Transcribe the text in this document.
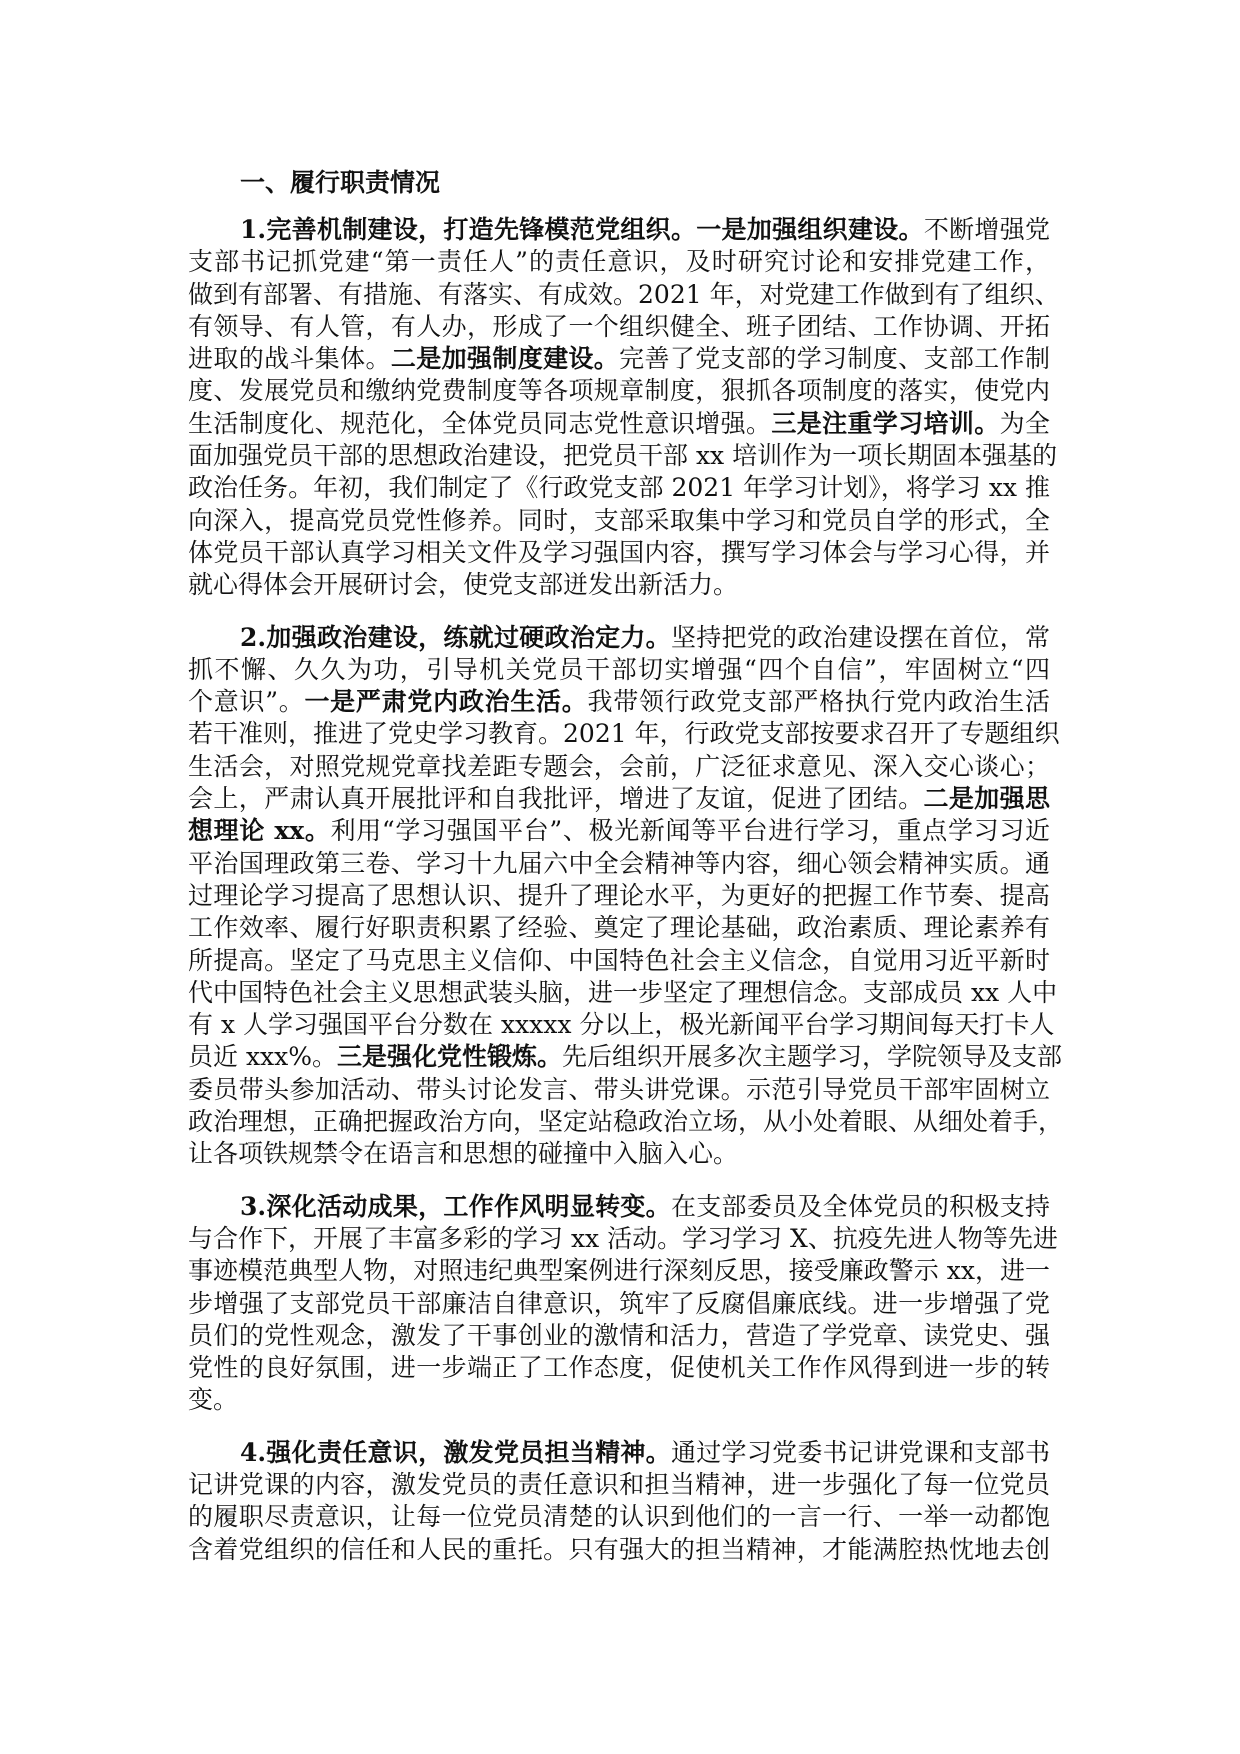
一、履行职责情况
1.完善机制建设，打造先锋模范党组织。一是加强组织建设。不断增强党
支部书记抓党建“第一责任人”的责任意识，及时研究讨论和安排党建工作，
做到有部署、有措施、有落实、有成效。2021 年，对党建工作做到有了组织、
有领导、有人管，有人办，形成了一个组织健全、班子团结、工作协调、开拓
进取的战斗集体。二是加强制度建设。完善了党支部的学习制度、支部工作制
度、发展党员和缴纳党费制度等各项规章制度，狠抓各项制度的落实，使党内
生活制度化、规范化，全体党员同志党性意识增强。三是注重学习培训。为全
面加强党员干部的思想政治建设，把党员干部 xx 培训作为一项长期固本强基的
政治任务。年初，我们制定了《行政党支部 2021 年学习计划》，将学习 xx 推
向深入，提高党员党性修养。同时，支部采取集中学习和党员自学的形式，全
体党员干部认真学习相关文件及学习强国内容，撰写学习体会与学习心得，并
就心得体会开展研讨会，使党支部迸发出新活力。
2.加强政治建设，练就过硬政治定力。坚持把党的政治建设摆在首位，常
抓不懈、久久为功，引导机关党员干部切实增强“四个自信”，牢固树立“四
个意识”。一是严肃党内政治生活。我带领行政党支部严格执行党内政治生活
若干准则，推进了党史学习教育。2021 年，行政党支部按要求召开了专题组织
生活会，对照党规党章找差距专题会，会前，广泛征求意见、深入交心谈心；
会上，严肃认真开展批评和自我批评，增进了友谊，促进了团结。二是加强思
想理论 xx。利用“学习强国平台”、极光新闻等平台进行学习，重点学习习近
平治国理政第三卷、学习十九届六中全会精神等内容，细心领会精神实质。通
过理论学习提高了思想认识、提升了理论水平，为更好的把握工作节奏、提高
工作效率、履行好职责积累了经验、奠定了理论基础，政治素质、理论素养有
所提高。坚定了马克思主义信仰、中国特色社会主义信念，自觉用习近平新时
代中国特色社会主义思想武装头脑，进一步坚定了理想信念。支部成员 xx 人中
有 x 人学习强国平台分数在 xxxxx 分以上，极光新闻平台学习期间每天打卡人
员近 xxx%。三是强化党性锻炼。先后组织开展多次主题学习，学院领导及支部
委员带头参加活动、带头讨论发言、带头讲党课。示范引导党员干部牢固树立
政治理想，正确把握政治方向，坚定站稳政治立场，从小处着眼、从细处着手，
让各项铁规禁令在语言和思想的碰撞中入脑入心。
3.深化活动成果，工作作风明显转变。在支部委员及全体党员的积极支持
与合作下，开展了丰富多彩的学习 xx 活动。学习学习 X、抗疫先进人物等先进
事迹模范典型人物，对照违纪典型案例进行深刻反思，接受廉政警示 xx，进一
步增强了支部党员干部廉洁自律意识，筑牢了反腐倡廉底线。进一步增强了党
员们的党性观念，激发了干事创业的激情和活力，营造了学党章、读党史、强
党性的良好氛围，进一步端正了工作态度，促使机关工作作风得到进一步的转
变。
4.强化责任意识，激发党员担当精神。通过学习党委书记讲党课和支部书
记讲党课的内容，激发党员的责任意识和担当精神，进一步强化了每一位党员
的履职尽责意识，让每一位党员清楚的认识到他们的一言一行、一举一动都饱
含着党组织的信任和人民的重托。只有强大的担当精神，才能满腔热忱地去创
